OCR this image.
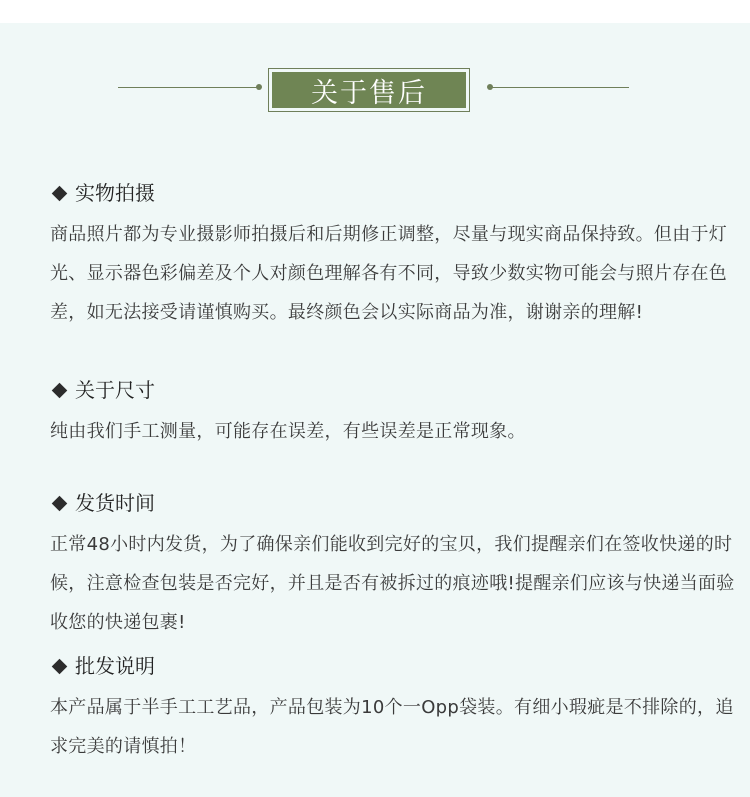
关于售后
实物拍摄
商品照片都为专业摄影师拍摄后和后期修正调整，尽量与现实商品保持致。但由于灯光、显示器色彩偏差及个人对颜色理解各有不同，导致少数实物可能会与照片存在色差，如无法接受请谨慎购买。最终颜色会以实际商品为准，谢谢亲的理解!
关于尺寸
纯由我们手工测量，可能存在误差，有些误差是正常现象。
发货时间
正常48小时内发货，为了确保亲们能收到完好的宝贝，我们提醒亲们在签收快递的时候，注意检查包装是否完好，并且是否有被拆过的痕迹哦!提醒亲们应该与快递当面验收您的快递包裹!
批发说明
本产品属于半手工工艺品，产品包装为10个一Opp袋装。有细小瑕疵是不排除的，追求完美的请慎拍！
